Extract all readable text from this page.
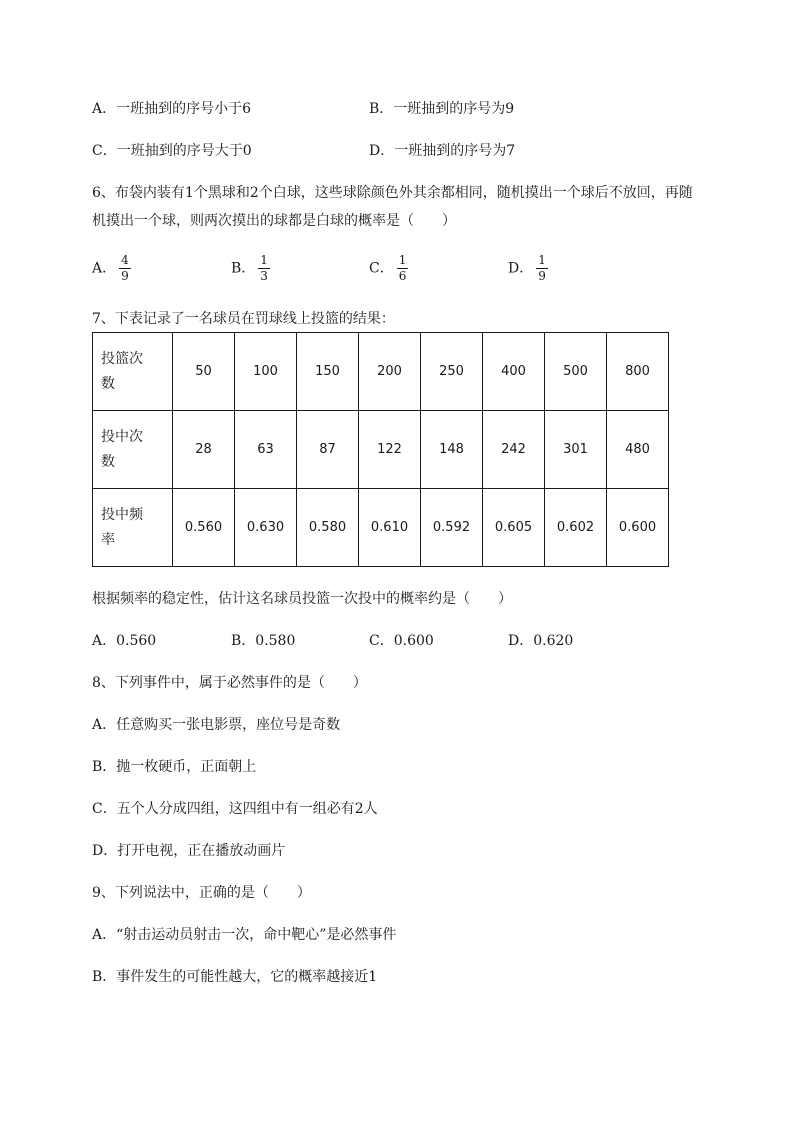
A．一班抽到的序号小于6	B．一班抽到的序号为9
C．一班抽到的序号大于0	D．一班抽到的序号为7
6、布袋内装有1个黑球和2个白球，这些球除颜色外其余都相同，随机摸出一个球后不放回，再随
机摸出一个球，则两次摸出的球都是白球的概率是（　　）
A． $\frac{4}{9}$	B． $\frac{1}{3}$	C． $\frac{1}{6}$	D． $\frac{1}{9}$
7、下表记录了一名球员在罚球线上投篮的结果：
投篮次
数	50	100	150	200	250	400	500	800
投中次
数	28	63	87	122	148	242	301	480
投中频
率	0.560	0.630	0.580	0.610	0.592	0.605	0.602	0.600
根据频率的稳定性，估计这名球员投篮一次投中的概率约是（　　）
A．0.560	B．0.580	C．0.600	D．0.620
8、下列事件中，属于必然事件的是（　　）
A．任意购买一张电影票，座位号是奇数
B．抛一枚硬币，正面朝上
C．五个人分成四组，这四组中有一组必有2人
D．打开电视，正在播放动画片
9、下列说法中，正确的是（　　）
A．“射击运动员射击一次，命中靶心”是必然事件
B．事件发生的可能性越大，它的概率越接近1
